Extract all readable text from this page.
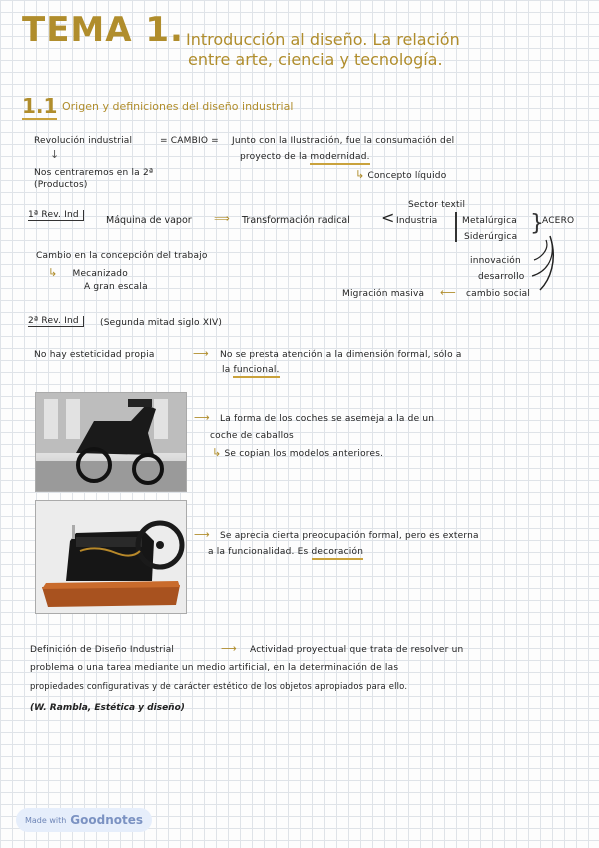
TEMA 1. Introducción al diseño. La relación
entre arte, ciencia y tecnología.
1.1 Origen y definiciones del diseño industrial
Revolución industrial	= CAMBIO = Junto con la Ilustración, fue la consumación del
proyecto de la modernidad.
↳ Concepto líquido
↓
Nos centraremos en la 2ª
(Productos)
1ª Rev. Ind	Máquina de vapor ⟹ Transformación radical
Sector textil
< Industria	Metalúrgica
Siderúrgica
}
ACERO
innovación
desarrollo
cambio social
Migración masiva ⟵
Cambio en la concepción del trabajo
↳ Mecanizado
A gran escala
2ª Rev. Ind	(Segunda mitad siglo XIV)
No hay esteticidad propia	⟶ No se presta atención a la dimensión formal, sólo a
la funcional.
⟶ La forma de los coches se asemeja a la de un
coche de caballos
↳ Se copian los modelos anteriores.
⟶ Se aprecia cierta preocupación formal, pero es externa
a la funcionalidad. Es decoración
Definición de Diseño Industrial	⟶ Actividad proyectual que trata de resolver un
problema o una tarea mediante un medio artificial, en la determinación de las
propiedades configurativas y de carácter estético de los objetos apropiados para ello.
(W. Rambla, Estética y diseño)
Made with Goodnotes
